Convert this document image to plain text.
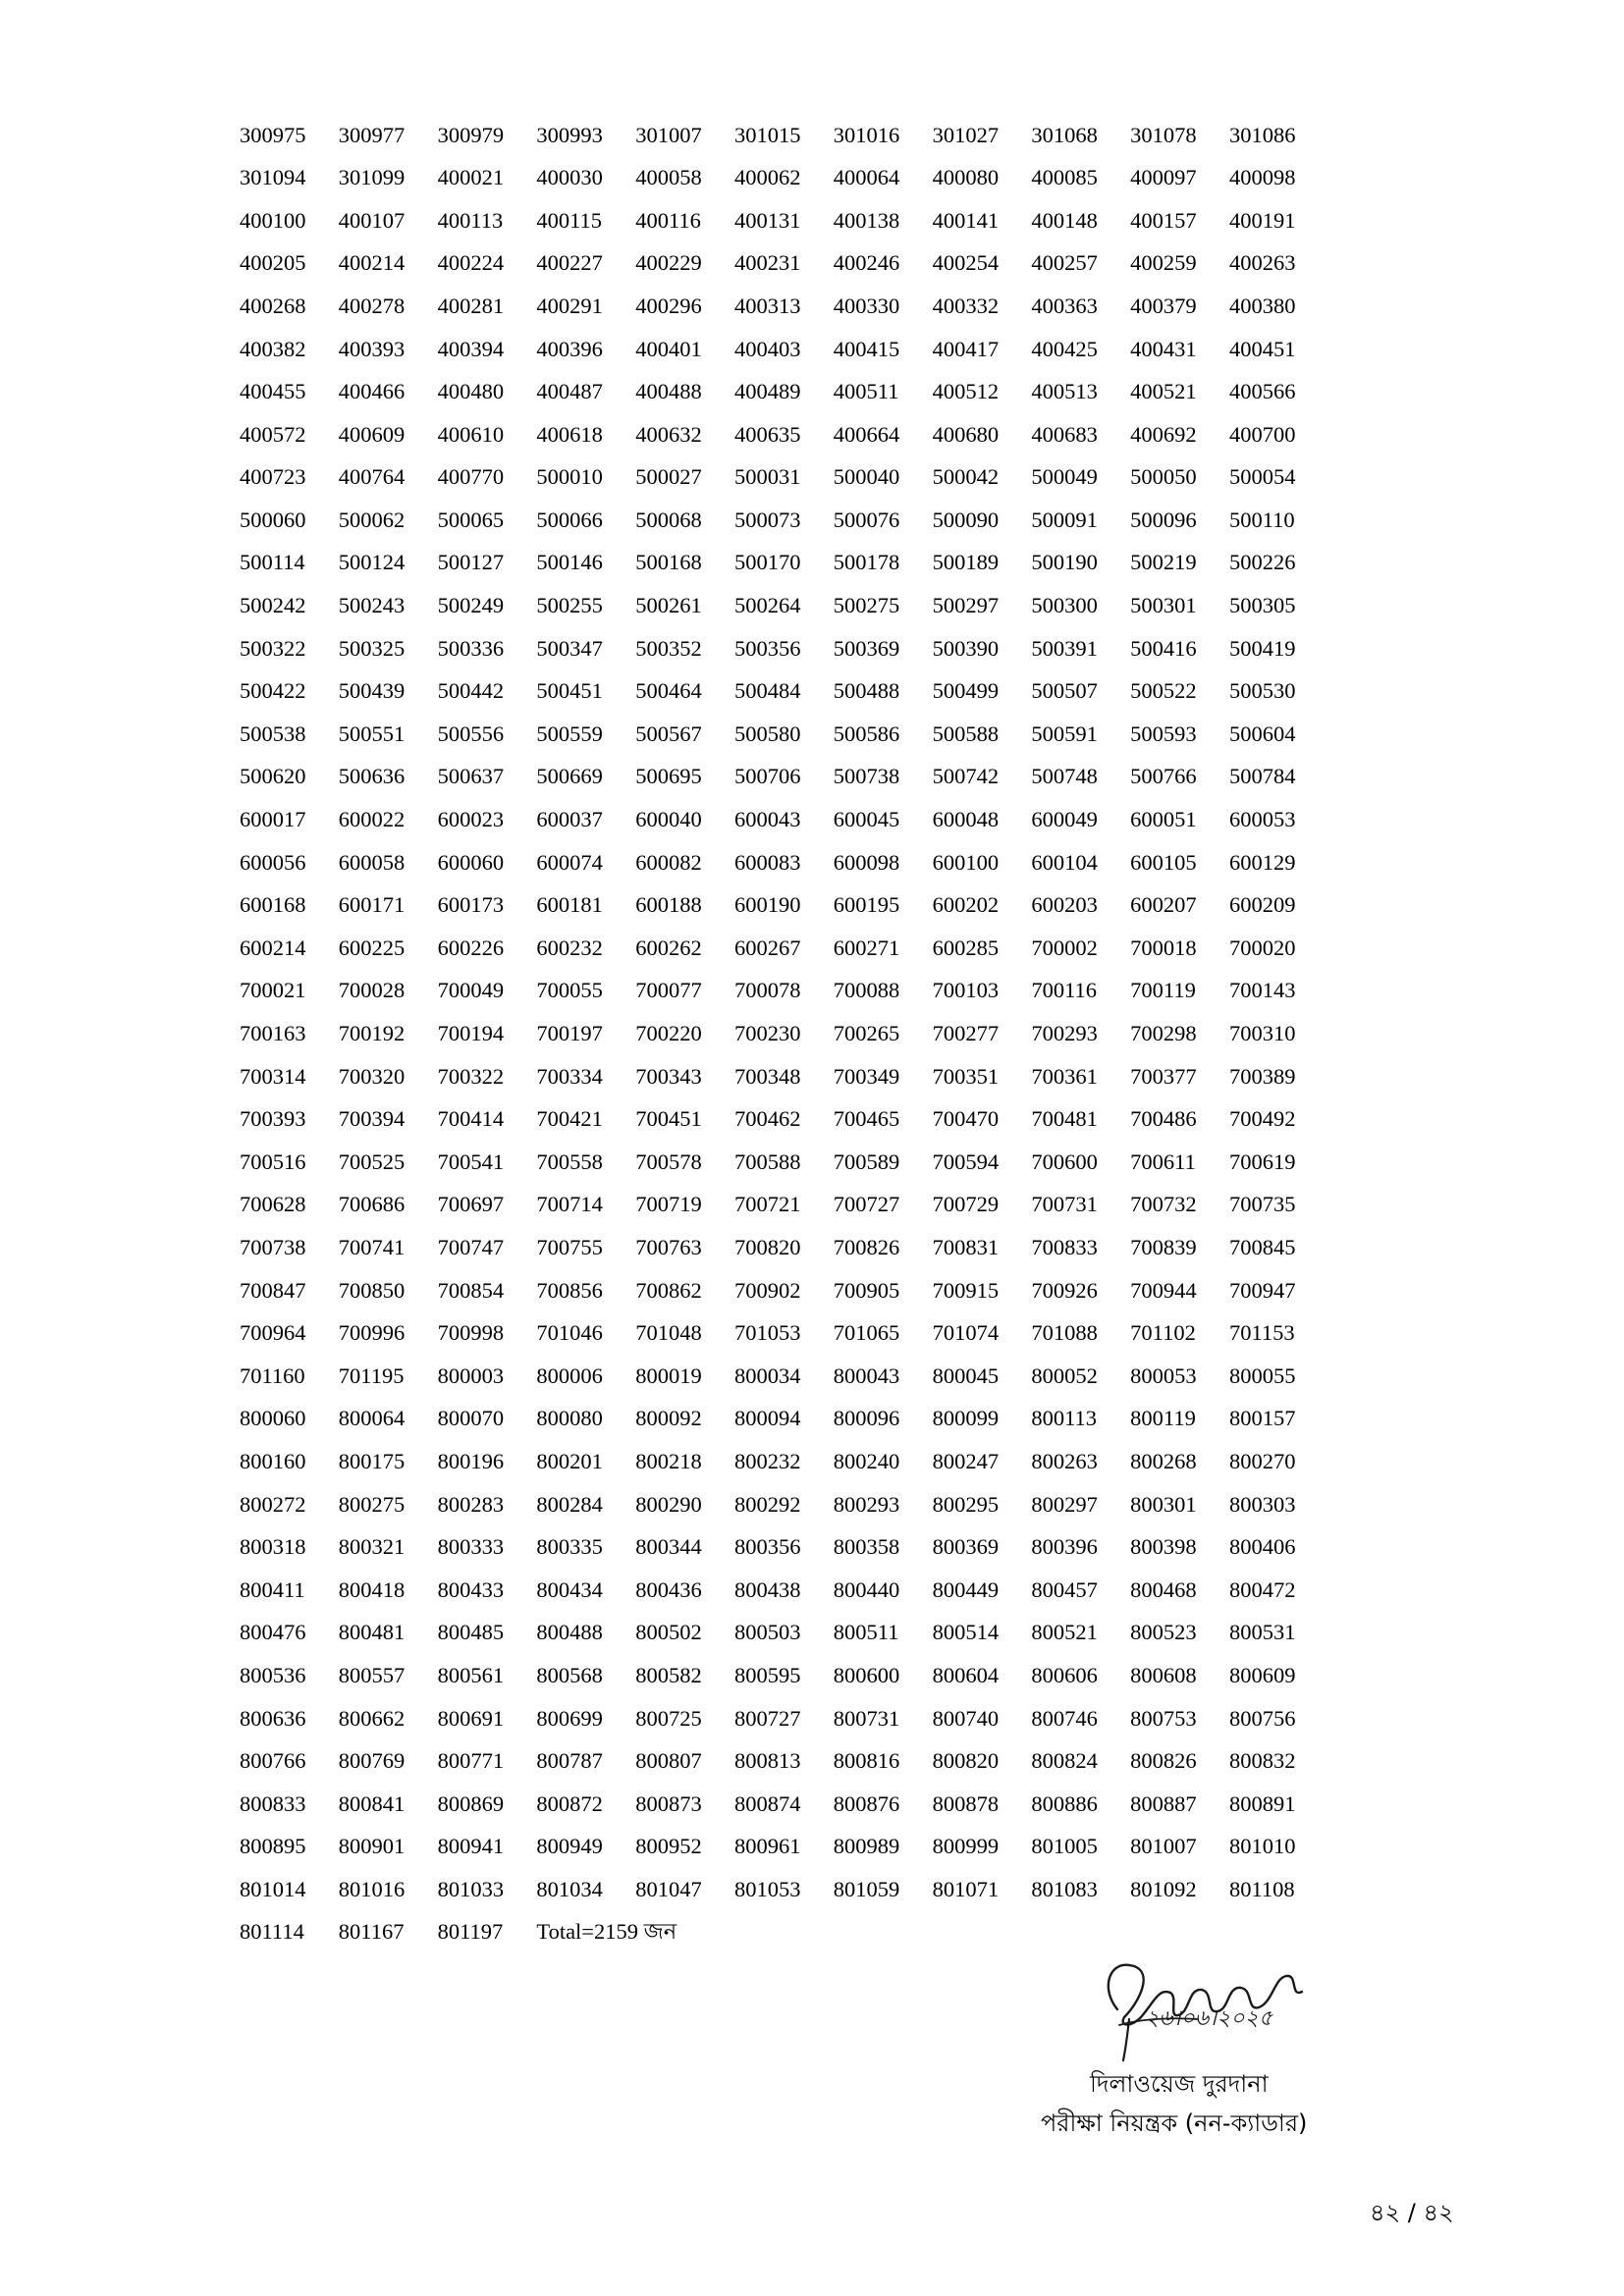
300975	300977	300979	300993	301007	301015	301016	301027	301068	301078	301086
301094	301099	400021	400030	400058	400062	400064	400080	400085	400097	400098
400100	400107	400113	400115	400116	400131	400138	400141	400148	400157	400191
400205	400214	400224	400227	400229	400231	400246	400254	400257	400259	400263
400268	400278	400281	400291	400296	400313	400330	400332	400363	400379	400380
400382	400393	400394	400396	400401	400403	400415	400417	400425	400431	400451
400455	400466	400480	400487	400488	400489	400511	400512	400513	400521	400566
400572	400609	400610	400618	400632	400635	400664	400680	400683	400692	400700
400723	400764	400770	500010	500027	500031	500040	500042	500049	500050	500054
500060	500062	500065	500066	500068	500073	500076	500090	500091	500096	500110
500114	500124	500127	500146	500168	500170	500178	500189	500190	500219	500226
500242	500243	500249	500255	500261	500264	500275	500297	500300	500301	500305
500322	500325	500336	500347	500352	500356	500369	500390	500391	500416	500419
500422	500439	500442	500451	500464	500484	500488	500499	500507	500522	500530
500538	500551	500556	500559	500567	500580	500586	500588	500591	500593	500604
500620	500636	500637	500669	500695	500706	500738	500742	500748	500766	500784
600017	600022	600023	600037	600040	600043	600045	600048	600049	600051	600053
600056	600058	600060	600074	600082	600083	600098	600100	600104	600105	600129
600168	600171	600173	600181	600188	600190	600195	600202	600203	600207	600209
600214	600225	600226	600232	600262	600267	600271	600285	700002	700018	700020
700021	700028	700049	700055	700077	700078	700088	700103	700116	700119	700143
700163	700192	700194	700197	700220	700230	700265	700277	700293	700298	700310
700314	700320	700322	700334	700343	700348	700349	700351	700361	700377	700389
700393	700394	700414	700421	700451	700462	700465	700470	700481	700486	700492
700516	700525	700541	700558	700578	700588	700589	700594	700600	700611	700619
700628	700686	700697	700714	700719	700721	700727	700729	700731	700732	700735
700738	700741	700747	700755	700763	700820	700826	700831	700833	700839	700845
700847	700850	700854	700856	700862	700902	700905	700915	700926	700944	700947
700964	700996	700998	701046	701048	701053	701065	701074	701088	701102	701153
701160	701195	800003	800006	800019	800034	800043	800045	800052	800053	800055
800060	800064	800070	800080	800092	800094	800096	800099	800113	800119	800157
800160	800175	800196	800201	800218	800232	800240	800247	800263	800268	800270
800272	800275	800283	800284	800290	800292	800293	800295	800297	800301	800303
800318	800321	800333	800335	800344	800356	800358	800369	800396	800398	800406
800411	800418	800433	800434	800436	800438	800440	800449	800457	800468	800472
800476	800481	800485	800488	800502	800503	800511	800514	800521	800523	800531
800536	800557	800561	800568	800582	800595	800600	800604	800606	800608	800609
800636	800662	800691	800699	800725	800727	800731	800740	800746	800753	800756
800766	800769	800771	800787	800807	800813	800816	800820	800824	800826	800832
800833	800841	800869	800872	800873	800874	800876	800878	800886	800887	800891
800895	800901	800941	800949	800952	800961	800989	800999	801005	801007	801010
801014	801016	801033	801034	801047	801053	801059	801071	801083	801092	801108
801114	801167	801197	Total=2159 জন
২৬।০৬।২০২৫
দিলাওয়েজ দুরদানা
পরীক্ষা নিয়ন্ত্রক (নন-ক্যাডার)
৪২ / ৪২
